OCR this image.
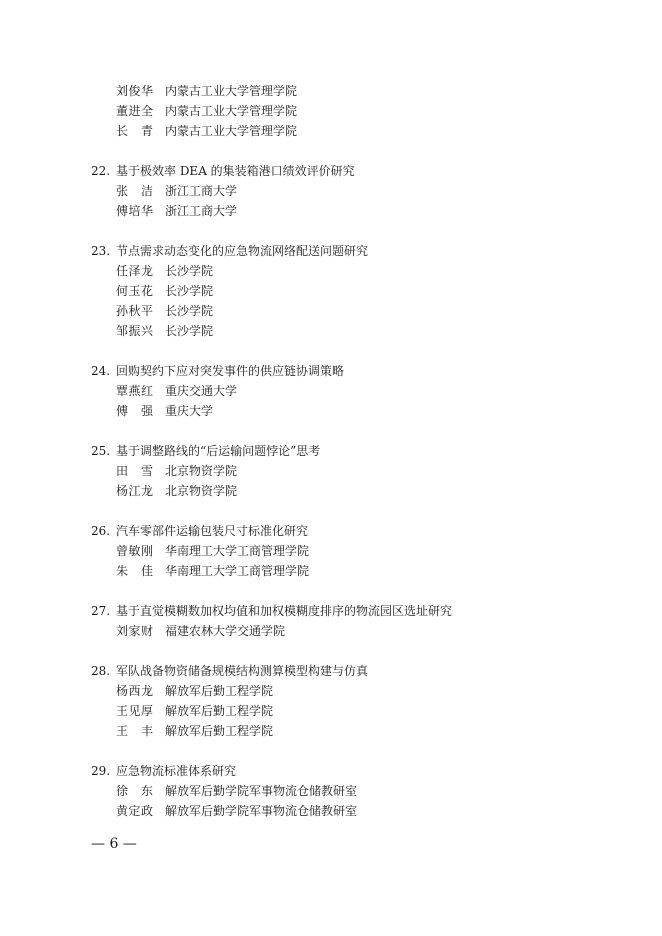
刘俊华 内蒙古工业大学管理学院
董进全 内蒙古工业大学管理学院
长　青 内蒙古工业大学管理学院
22. 基于极效率 DEA 的集装箱港口绩效评价研究
张　洁 浙江工商大学
傅培华 浙江工商大学
23. 节点需求动态变化的应急物流网络配送问题研究
任泽龙 长沙学院
何玉花 长沙学院
孙秋平 长沙学院
邹振兴 长沙学院
24. 回购契约下应对突发事件的供应链协调策略
覃燕红 重庆交通大学
傅　强 重庆大学
25. 基于调整路线的“后运输问题悖论”思考
田　雪 北京物资学院
杨江龙 北京物资学院
26. 汽车零部件运输包装尺寸标准化研究
曾敏刚 华南理工大学工商管理学院
朱　佳 华南理工大学工商管理学院
27. 基于直觉模糊数加权均值和加权模糊度排序的物流园区选址研究
刘家财 福建农林大学交通学院
28. 军队战备物资储备规模结构测算模型构建与仿真
杨西龙 解放军后勤工程学院
王见厚 解放军后勤工程学院
王　丰 解放军后勤工程学院
29. 应急物流标准体系研究
徐　东 解放军后勤学院军事物流仓储教研室
黄定政 解放军后勤学院军事物流仓储教研室
— 6 —
